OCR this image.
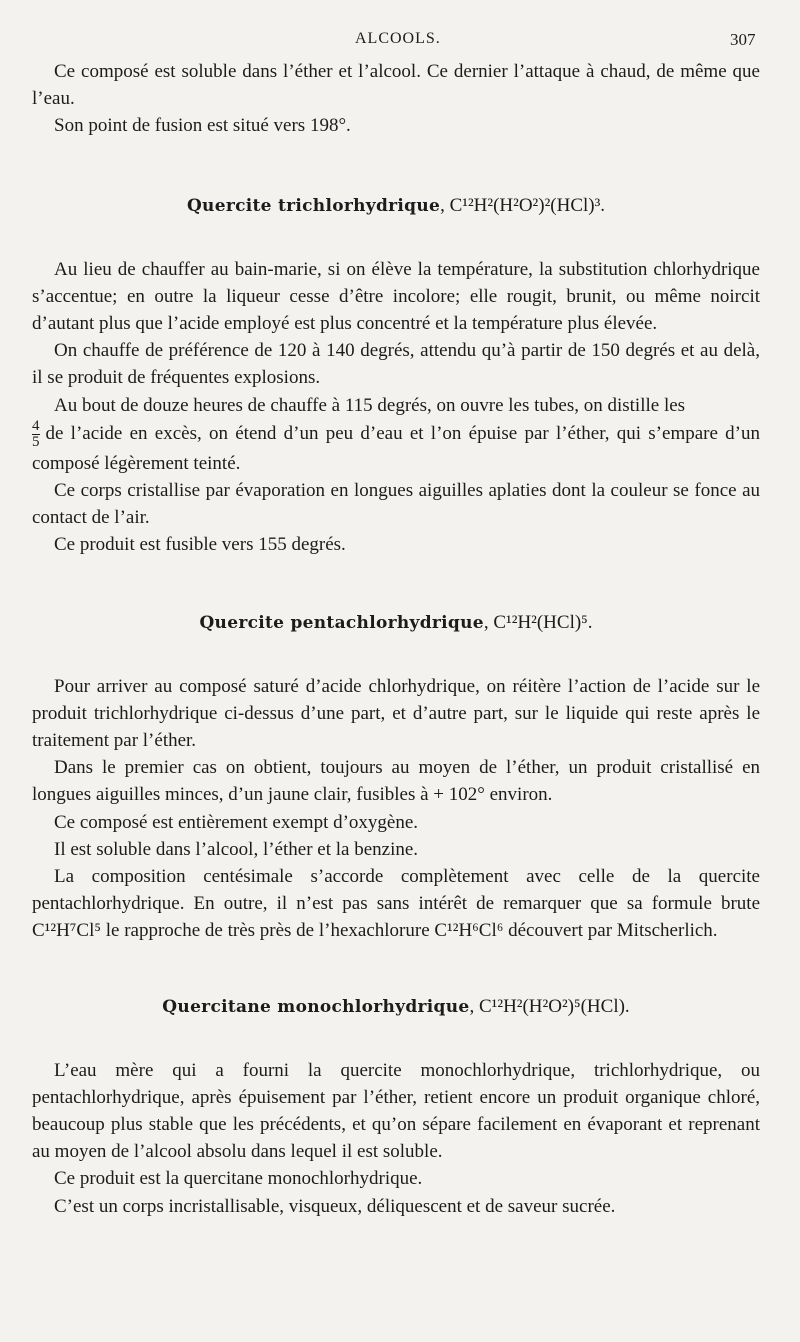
ALCOOLS.	307

Ce composé est soluble dans l’éther et l’alcool. Ce dernier l’attaque à chaud, de même que l’eau.

Son point de fusion est situé vers 198°.

Quercite trichlorhydrique, C¹²H²(H²O²)²(HCl)³.

Au lieu de chauffer au bain-marie, si on élève la température, la substitution chlorhydrique s’accentue; en outre la liqueur cesse d’être incolore; elle rougit, brunit, ou même noircit d’autant plus que l’acide employé est plus concentré et la température plus élevée.

On chauffe de préférence de 120 à 140 degrés, attendu qu’à partir de 150 degrés et au delà, il se produit de fréquentes explosions.

Au bout de douze heures de chauffe à 115 degrés, on ouvre les tubes, on distille les

$\frac{4}{5}$ de l’acide en excès, on étend d’un peu d’eau et l’on épuise par l’éther, qui s’empare d’un composé légèrement teinté.

Ce corps cristallise par évaporation en longues aiguilles aplaties dont la couleur se fonce au contact de l’air.

Ce produit est fusible vers 155 degrés.

Quercite pentachlorhydrique, C¹²H²(HCl)⁵.

Pour arriver au composé saturé d’acide chlorhydrique, on réitère l’action de l’acide sur le produit trichlorhydrique ci-dessus d’une part, et d’autre part, sur le liquide qui reste après le traitement par l’éther.

Dans le premier cas on obtient, toujours au moyen de l’éther, un produit cristallisé en longues aiguilles minces, d’un jaune clair, fusibles à + 102° environ.

Ce composé est entièrement exempt d’oxygène.

Il est soluble dans l’alcool, l’éther et la benzine.

La composition centésimale s’accorde complètement avec celle de la quercite pentachlorhydrique. En outre, il n’est pas sans intérêt de remarquer que sa formule brute C¹²H⁷Cl⁵ le rapproche de très près de l’hexachlorure C¹²H⁶Cl⁶ découvert par Mitscherlich.

Quercitane monochlorhydrique, C¹²H²(H²O²)⁵(HCl).

L’eau mère qui a fourni la quercite monochlorhydrique, trichlorhydrique, ou pentachlorhydrique, après épuisement par l’éther, retient encore un produit organique chloré, beaucoup plus stable que les précédents, et qu’on sépare facilement en évaporant et reprenant au moyen de l’alcool absolu dans lequel il est soluble.

Ce produit est la quercitane monochlorhydrique.

C’est un corps incristallisable, visqueux, déliquescent et de saveur sucrée.
